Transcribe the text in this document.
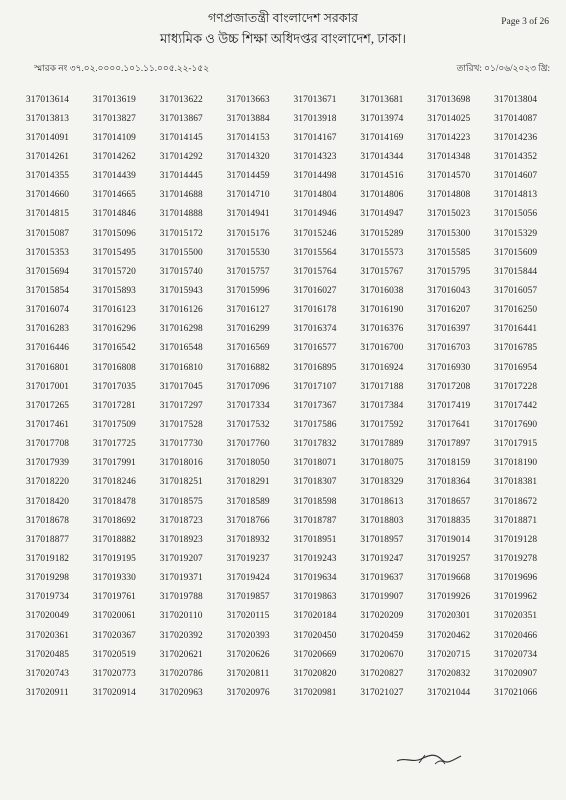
গণপ্রজাতন্ত্রী বাংলাদেশ সরকার
মাধ্যমিক ও উচ্চ শিক্ষা অধিদপ্তর বাংলাদেশ, ঢাকা।
Page 3 of 26
স্মারক নং ৩৭.০২.০০০০.১০১.১১.০০৫.২২-১৫২	তারিখ: ০১/০৬/২০২৩ খ্রি:
317013614	317013619	317013622	317013663	317013671	317013681	317013698	317013804
317013813	317013827	317013867	317013884	317013918	317013974	317014025	317014087
317014091	317014109	317014145	317014153	317014167	317014169	317014223	317014236
317014261	317014262	317014292	317014320	317014323	317014344	317014348	317014352
317014355	317014439	317014445	317014459	317014498	317014516	317014570	317014607
317014660	317014665	317014688	317014710	317014804	317014806	317014808	317014813
317014815	317014846	317014888	317014941	317014946	317014947	317015023	317015056
317015087	317015096	317015172	317015176	317015246	317015289	317015300	317015329
317015353	317015495	317015500	317015530	317015564	317015573	317015585	317015609
317015694	317015720	317015740	317015757	317015764	317015767	317015795	317015844
317015854	317015893	317015943	317015996	317016027	317016038	317016043	317016057
317016074	317016123	317016126	317016127	317016178	317016190	317016207	317016250
317016283	317016296	317016298	317016299	317016374	317016376	317016397	317016441
317016446	317016542	317016548	317016569	317016577	317016700	317016703	317016785
317016801	317016808	317016810	317016882	317016895	317016924	317016930	317016954
317017001	317017035	317017045	317017096	317017107	317017188	317017208	317017228
317017265	317017281	317017297	317017334	317017367	317017384	317017419	317017442
317017461	317017509	317017528	317017532	317017586	317017592	317017641	317017690
317017708	317017725	317017730	317017760	317017832	317017889	317017897	317017915
317017939	317017991	317018016	317018050	317018071	317018075	317018159	317018190
317018220	317018246	317018251	317018291	317018307	317018329	317018364	317018381
317018420	317018478	317018575	317018589	317018598	317018613	317018657	317018672
317018678	317018692	317018723	317018766	317018787	317018803	317018835	317018871
317018877	317018882	317018923	317018932	317018951	317018957	317019014	317019128
317019182	317019195	317019207	317019237	317019243	317019247	317019257	317019278
317019298	317019330	317019371	317019424	317019634	317019637	317019668	317019696
317019734	317019761	317019788	317019857	317019863	317019907	317019926	317019962
317020049	317020061	317020110	317020115	317020184	317020209	317020301	317020351
317020361	317020367	317020392	317020393	317020450	317020459	317020462	317020466
317020485	317020519	317020621	317020626	317020669	317020670	317020715	317020734
317020743	317020773	317020786	317020811	317020820	317020827	317020832	317020907
317020911	317020914	317020963	317020976	317020981	317021027	317021044	317021066
